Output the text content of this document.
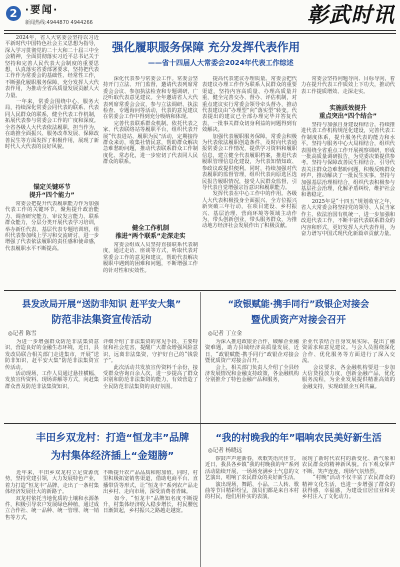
2 ·要闻·
新闻热线:4944870 4944266	彰武时讯
强化履职服务保障 充分发挥代表作用
——省十四届人大常委会2024年代表工作综述
　　2024年，省人大常委会坚持以习近平新时代中国特色社会主义思想为指导，深入学习贯彻党的二十大和二十届三中全会精神，全面贯彻落实习近平总书记关于坚持和完善人民代表大会制度的重要思想，认真落实省委部署要求，坚持把代表工作作为常委会的基础性、经常性工作，不断强化履职服务保障，充分发挥人大代表作用，为推动全省高质量发展贡献人大力量。
　　一年来，常委会围绕中心、服务大局，持续深化常委会同代表的联系、代表同人民群众的联系，健全代表工作机制，拓展代表参与常委会工作的广度和深度。全省各级人大代表依法履职、担当作为，在助推全面振兴、服务改革发展、保障改善民生等方面发挥了积极作用，展现了新时代人大代表的良好风貌。
锚定关键环节
提升“四个能力”
　　常委会把提升代表履职能力作为加强代表工作的关键环节，聚焦提升政治能力、调查研究能力、审议发言能力、联系群众能力，分层分类开展代表学习培训，举办新任代表、基层代表专题培训班，组织代表参加线上学习和交流研讨，进一步增强了代表依法履职的责任感和使命感，代表履职水平不断提高。
　　深化代表参与常委会工作。常委会坚持开门立法、开门监督，邀请代表列席常委会会议、参加执法检查和专题调研，广泛听取代表意见建议。全年邀请省人大代表列席常委会会议，参与立法调研、执法检查、专题询问等活动，代表的意见建议在常委会工作中得到充分吸纳和体现。
　　完善代表联系群众机制。依托代表之家、代表联络站等履职平台，组织代表开展“代表进站、履职为民”活动，定期接待群众来访，收集社情民意，帮助群众解决急难愁盼问题，推动代表联系群众工作制度化、常态化，进一步密切了代表同人民群众的联系。
健全工作机制
推进“两个联系”走深走实
　　常委会组成人员坚持直接联系代表制度，通过走访、座谈等方式，听取代表对常委会工作的意见和建议，帮助代表解决履职中遇到的困难和问题，不断增强工作的针对性和实效性。
　　提高代表建议办理质量。常委会把代表建议办理工作作为联系人民群众的重要渠道，坚持内容高质量、办理高质量并重，健全完善交办、督办、评估机制，对重点建议实行常委会领导牵头督办，推动代表建议由“办理型”向“落实型”转变。代表提出的建议已全部办理完毕并答复代表，一批事关群众切身利益的问题得到有效解决。
　　加强代表履职服务保障。常委会积极为代表依法履职创造条件，及时向代表通报常委会工作情况，提供学习资料和履职信息，建立健全代表履职档案，推进代表履职管理信息化建设，为代表知情知政、参政议政提供便利。同时，持续加强对代表履职的监督管理，组织代表向原选区选民报告履职情况，接受人民群众监督，引导代表自觉增强宗旨意识和履职能力。
　　发挥代表在中心工作中的作用。各级人大代表积极投身全面振兴、全方位振兴新突破三年行动，在项目建设、乡村振兴、基层治理、营商环境等领域主动作为，带头创新创业，带头服务群众，为推动地方经济社会发展作出了积极贡献。
　　常委会坚持问题导向、目标导向，着力在提升代表工作质效上下功夫，推动代表工作提质增效、走深走实。
实施质效提升
重点突出“四个结合”
　　坚持与加强自身建设相结合，持续推进代表工作机构规范化建设，完善代表工作制度体系，提升服务代表的能力和水平。坚持与服务中心大局相结合，组织代表围绕全省重点工作开展视察调研，形成一批高质量调研报告，为党委决策提供参考。坚持与保障改善民生相结合，引导代表关注群众急难愁盼问题，积极反映群众呼声，推动解决了一批民生实事。坚持与加强基层治理相结合，组织代表积极参与基层社会治理，化解矛盾纠纷，维护社会和谐稳定。
　　2025年是“十四五”规划收官之年，省人大常委会将坚持党的领导、人民当家作主、依法治国有机统一，进一步加强和改进代表工作，不断丰富代表联系群众的内容和形式，更好发挥人大代表作用，为奋力谱写中国式现代化新篇章贡献力量。
县发改局开展“送防非知识 赶平安大集”
防范非法集资宣传活动
◎记者 陈雪
　　为进一步增强群众防范非法集资意识，营造良好的金融生态环境，近日，县发改局联合相关部门走进集市，开展“送防非知识，赶平安大集”防范非法集资宣传活动。
　　活动现场，工作人员通过悬挂横幅、发放宣传资料、现场讲解等方式，向赶集群众普及防范非法集资知识，
详细介绍了非法集资的常见手段、主要特征和社会危害，提醒广大群众增强风险意识，远离非法集资，守护好自己的“钱袋子”。
　　此次活动共发放宣传资料千余份，接受群众咨询百余人次，进一步提高了群众识别和防范非法集资的能力，有效营造了全民防范非法集资的良好氛围。
“政银赋能·携手同行”政银企对接会
暨优质资产对接会召开
◎记者 丁立金
　　为深入推进政银企合作，破解企业融资难题，助力县域经济高质量发展，近日，“政银赋能·携手同行”政银企对接会暨优质资产对接会召开。
　　会上，相关部门负责人介绍了全县经济发展情况和金融支持政策，各金融机构分别推介了特色金融产品和服务，
企业代表结合自身发展实际，提出了融资需求和意见建议。与会人员围绕深化合作、优化服务等方面进行了深入交流。
　　会议要求，各金融机构要进一步加大信贷投放力度，创新金融产品，优化服务流程，为企业发展提供精准高效的金融支持，实现政银企互利共赢。
丰田乡双龙村：打造“恒龙丰”品牌
为村集体经济插上“金翅膀”
　　近年来，丰田乡双龙村立足资源优势，坚持党建引领，大力发展特色产业，着力打造“恒龙丰”品牌，走出了一条村集体经济发展壮大的新路子。
　　双龙村依托当地优质的土壤和水源条件，积极引导农户发展绿色种植，通过成立合作社、统一品种、统一管理、统一销售等方式，
不断提升农产品品质和附加值。同时，村里积极拓宽销售渠道，借助电商平台、直播带货等形式，让“恒龙丰”系列农产品走出乡村、走向市场，深受消费者青睐。
　　如今，“恒龙丰”品牌知名度不断提升，村集体经济收入稳步增长，村民腰包日渐鼓起，乡村振兴之路越走越宽。
“我的村晚我的年”唱响农民美好新生活
◎记者 杨晓远
　　锣鼓声声迎新春，欢歌笑语庆佳节。近日，我县各乡镇“我的村晚我的年”系列活动陆续开展，一场场充满乡土气息的文艺演出，唱响了农民群众的美好新生活。
　　演出现场，舞蹈、小品、二人转、歌曲等节目精彩纷呈，演员们都是来自本村的村民，他们用朴实的表演，
展现了新时代农村的新变化、新气象和农民群众的精神新风貌。台下观众掌声不断、笑声连连，现场气氛热烈。
　　“村晚”活动不仅丰富了农民群众的精神文化生活，也进一步增强了群众的获得感、幸福感，为建设宜居宜业和美乡村注入了文化动力。
